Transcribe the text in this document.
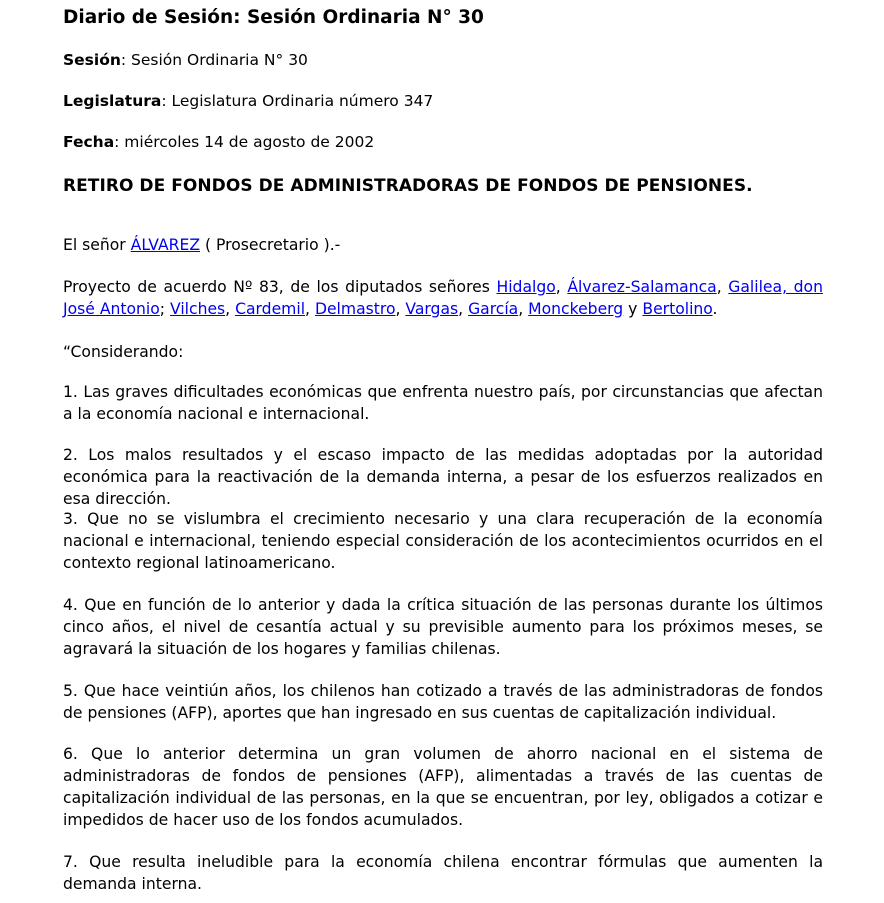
Diario de Sesión: Sesión Ordinaria N° 30

Sesión: Sesión Ordinaria N° 30

Legislatura: Legislatura Ordinaria número 347

Fecha: miércoles 14 de agosto de 2002

RETIRO DE FONDOS DE ADMINISTRADORAS DE FONDOS DE PENSIONES.

El señor ÁLVAREZ ( Prosecretario ).-

Proyecto de acuerdo Nº 83, de los diputados señores Hidalgo, Álvarez-Salamanca, Galilea, don José Antonio; Vilches, Cardemil, Delmastro, Vargas, García, Monckeberg y Bertolino.

“Considerando:

1. Las graves dificultades económicas que enfrenta nuestro país, por circunstancias que afectan a la economía nacional e internacional.

2. Los malos resultados y el escaso impacto de las medidas adoptadas por la autoridad económica para la reactivación de la demanda interna, a pesar de los esfuerzos realizados en esa dirección.

3. Que no se vislumbra el crecimiento necesario y una clara recuperación de la economía nacional e internacional, teniendo especial consideración de los acontecimientos ocurridos en el contexto regional latinoamericano.

4. Que en función de lo anterior y dada la crítica situación de las personas durante los últimos cinco años, el nivel de cesantía actual y su previsible aumento para los próximos meses, se agravará la situación de los hogares y familias chilenas.

5. Que hace veintiún años, los chilenos han cotizado a través de las administradoras de fondos de pensiones (AFP), aportes que han ingresado en sus cuentas de capitalización individual.

6. Que lo anterior determina un gran volumen de ahorro nacional en el sistema de administradoras de fondos de pensiones (AFP), alimentadas a través de las cuentas de capitalización individual de las personas, en la que se encuentran, por ley, obligados a cotizar e impedidos de hacer uso de los fondos acumulados.

7. Que resulta ineludible para la economía chilena encontrar fórmulas que aumenten la demanda interna.
